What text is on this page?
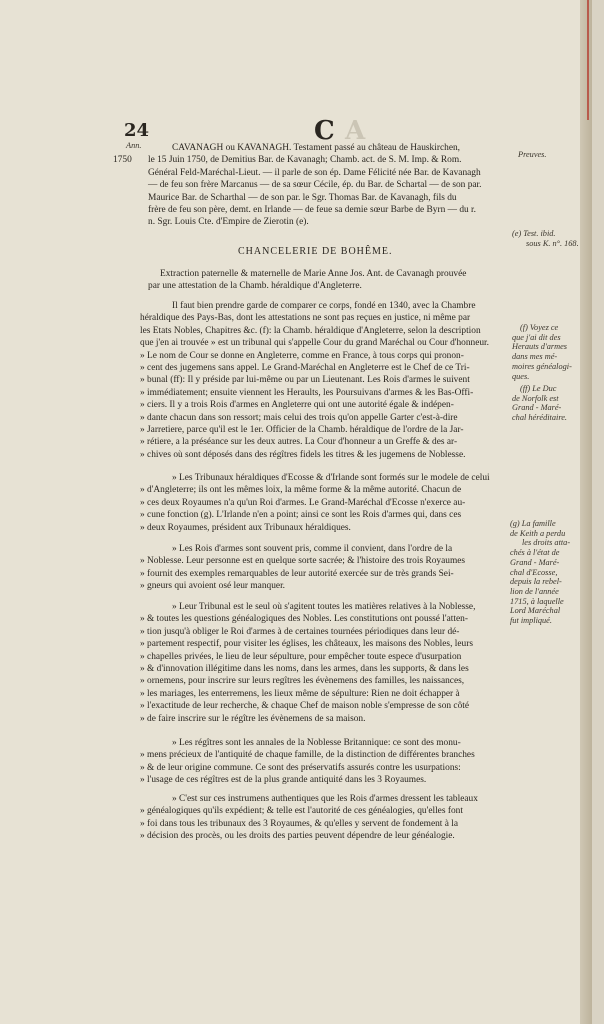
24	C A
Ann.
Preuves.
1750
CAVANAGH ou KAVANAGH. Testament passé au château de Hauskirchen,
le 15 Juin 1750, de Demitius Bar. de Kavanagh; Chamb. act. de S. M. Imp. & Rom.
Général Feld-Maréchal-Lieut. — il parle de son ép. Dame Félicité née Bar. de Kavanagh
— de feu son frère Marcanus — de sa sœur Cécile, ép. du Bar. de Schartal — de son par.
Maurice Bar. de Scharthal — de son par. le Sgr. Thomas Bar. de Kavanagh, fils du
frère de feu son père, demt. en Irlande — de feue sa demie sœur Barbe de Byrn — du r.
n. Sgr. Louis Cte. d'Empire de Zierotin (e).
(e) Test. ibid.
sous K. n°. 168.
CHANCELERIE DE BOHÊME.
Extraction paternelle & maternelle de Marie Anne Jos. Ant. de Cavanagh prouvée
par une attestation de la Chamb. héraldique d'Angleterre.
Il faut bien prendre garde de comparer ce corps, fondé en 1340, avec la Chambre
héraldique des Pays-Bas, dont les attestations ne sont pas reçues en justice, ni même par
les Etats Nobles, Chapitres &c. (f): la Chamb. héraldique d'Angleterre, selon la description
que j'en ai trouvée » est un tribunal qui s'appelle Cour du grand Maréchal ou Cour d'honneur.
» Le nom de Cour se donne en Angleterre, comme en France, à tous corps qui pronon-
» cent des jugemens sans appel. Le Grand-Maréchal en Angleterre est le Chef de ce Tri-
» bunal (ff): Il y préside par lui-même ou par un Lieutenant. Les Rois d'armes le suivent
» immédiatement; ensuite viennent les Heraults, les Poursuivans d'armes & les Bas-Offi-
» ciers. Il y a trois Rois d'armes en Angleterre qui ont une autorité égale & indépen-
» dante chacun dans son ressort; mais celui des trois qu'on appelle Garter c'est-à-dire
» Jarretiere, parce qu'il est le 1er. Officier de la Chamb. héraldique de l'ordre de la Jar-
» rétiere, a la préséance sur les deux autres. La Cour d'honneur a un Greffe & des ar-
» chives où sont déposés dans des régîtres fidels les titres & les jugemens de Noblesse.
(f) Voyez ce
que j'ai dit des
Herauts d'armes
dans mes mé-
moires généalogi-
ques.
(ff) Le Duc
de Norfolk est
Grand - Maré-
chal héréditaire.
» Les Tribunaux héraldiques d'Ecosse & d'Irlande sont formés sur le modele de celui
» d'Angleterre; ils ont les mêmes loix, la même forme & la même autorité. Chacun de
» ces deux Royaumes n'a qu'un Roi d'armes. Le Grand-Maréchal d'Ecosse n'exerce au-
» cune fonction (g). L'Irlande n'en a point; ainsi ce sont les Rois d'armes qui, dans ces
» deux Royaumes, président aux Tribunaux héraldiques.	(g) La famille
de Keith a perdu
les droits atta-
chés à l'état de
Grand - Maré-
chal d'Ecosse,
depuis la rebel-
lion de l'année
1715, à laquelle
Lord Maréchal
fut impliqué.
» Les Rois d'armes sont souvent pris, comme il convient, dans l'ordre de la
» Noblesse. Leur personne est en quelque sorte sacrée; & l'histoire des trois Royaumes
» fournit des exemples remarquables de leur autorité exercée sur de très grands Sei-
» gneurs qui avoient osé leur manquer.
» Leur Tribunal est le seul où s'agitent toutes les matières relatives à la Noblesse,
» & toutes les questions généalogiques des Nobles. Les constitutions ont poussé l'atten-
» tion jusqu'à obliger le Roi d'armes à de certaines tournées périodiques dans leur dé-
» partement respectif, pour visiter les églises, les châteaux, les maisons des Nobles, leurs
» chapelles privées, le lieu de leur sépulture, pour empêcher toute espece d'usurpation
» & d'innovation illégitime dans les noms, dans les armes, dans les supports, & dans les
» ornemens, pour inscrire sur leurs regîtres les évènemens des familles, les naissances,
» les mariages, les enterremens, les lieux même de sépulture: Rien ne doit échapper à
» l'exactitude de leur recherche, & chaque Chef de maison noble s'empresse de son côté
» de faire inscrire sur le régître les évènemens de sa maison.
» Les régîtres sont les annales de la Noblesse Britannique: ce sont des monu-
» mens précieux de l'antiquité de chaque famille, de la distinction de différentes branches
» & de leur origine commune. Ce sont des préservatifs assurés contre les usurpations:
» l'usage de ces régîtres est de la plus grande antiquité dans les 3 Royaumes.
» C'est sur ces instrumens authentiques que les Rois d'armes dressent les tableaux
» généalogiques qu'ils expédient; & telle est l'autorité de ces généalogies, qu'elles font
» foi dans tous les tribunaux des 3 Royaumes, & qu'elles y servent de fondement à la
» décision des procès, ou les droits des parties peuvent dépendre de leur généalogie.
